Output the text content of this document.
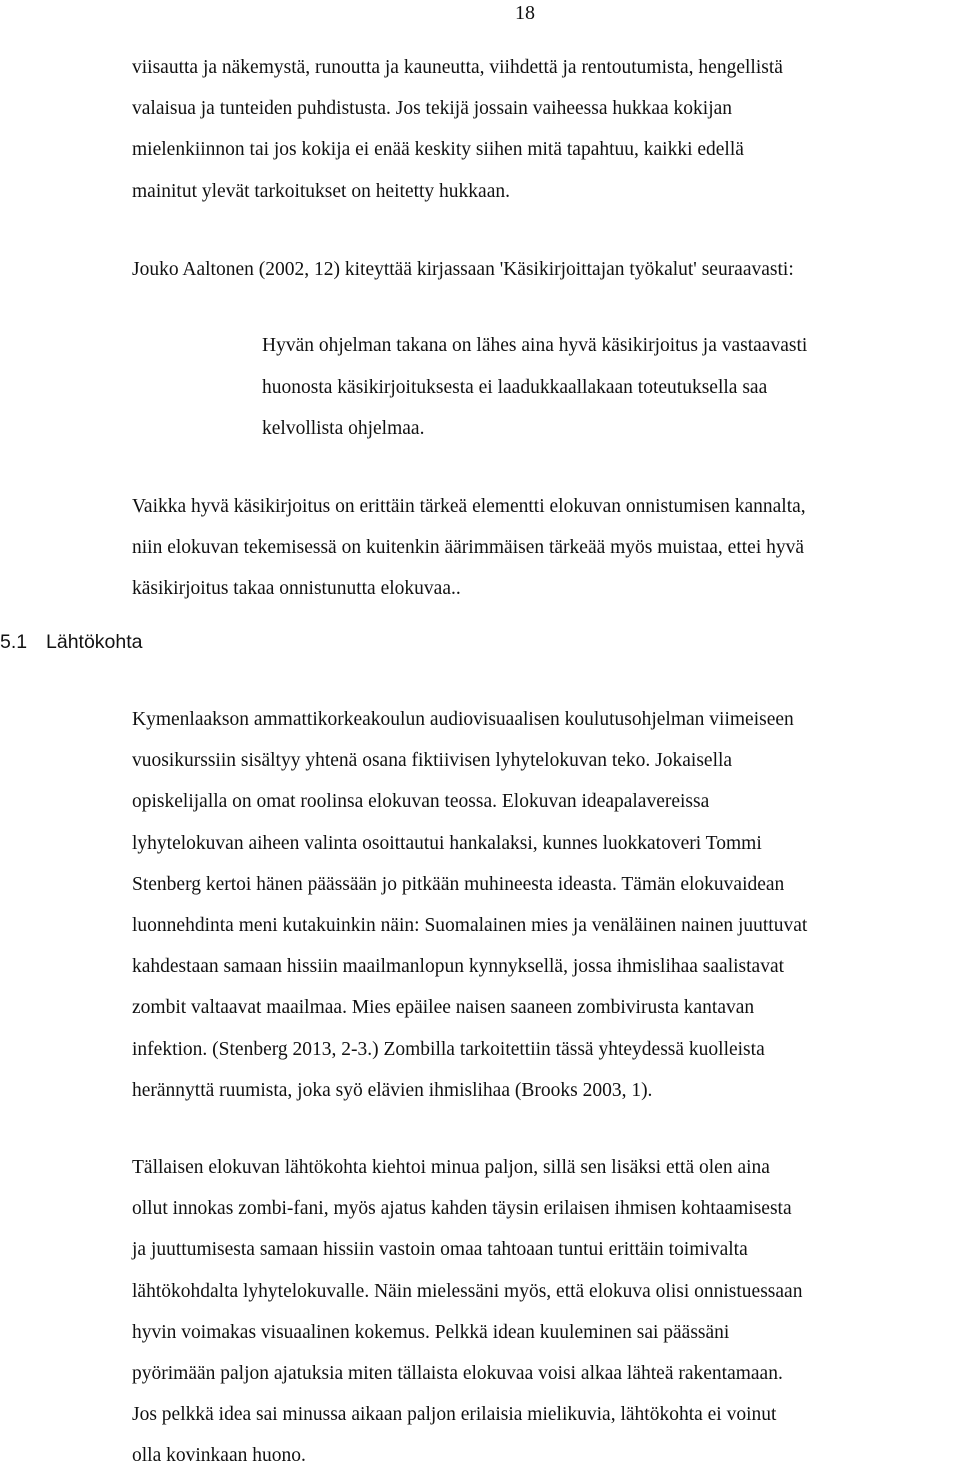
18

viisautta ja näkemystä, runoutta ja kauneutta, viihdettä ja rentoutumista, hengellistä
valaisua ja tunteiden puhdistusta. Jos tekijä jossain vaiheessa hukkaa kokijan
mielenkiinnon tai jos kokija ei enää keskity siihen mitä tapahtuu, kaikki edellä
mainitut ylevät tarkoitukset on heitetty hukkaan.

Jouko Aaltonen (2002, 12) kiteyttää kirjassaan 'Käsikirjoittajan työkalut' seuraavasti:

Hyvän ohjelman takana on lähes aina hyvä käsikirjoitus ja vastaavasti
huonosta käsikirjoituksesta ei laadukkaallakaan toteutuksella saa
kelvollista ohjelmaa.

Vaikka hyvä käsikirjoitus on erittäin tärkeä elementti elokuvan onnistumisen kannalta,
niin elokuvan tekemisessä on kuitenkin äärimmäisen tärkeää myös muistaa, ettei hyvä
käsikirjoitus takaa onnistunutta elokuvaa..

5.1 Lähtökohta

Kymenlaakson ammattikorkeakoulun audiovisuaalisen koulutusohjelman viimeiseen
vuosikurssiin sisältyy yhtenä osana fiktiivisen lyhytelokuvan teko. Jokaisella
opiskelijalla on omat roolinsa elokuvan teossa. Elokuvan ideapalavereissa
lyhytelokuvan aiheen valinta osoittautui hankalaksi, kunnes luokkatoveri Tommi
Stenberg kertoi hänen päässään jo pitkään muhineesta ideasta. Tämän elokuvaidean
luonnehdinta meni kutakuinkin näin: Suomalainen mies ja venäläinen nainen juuttuvat
kahdestaan samaan hissiin maailmanlopun kynnyksellä, jossa ihmislihaa saalistavat
zombit valtaavat maailmaa. Mies epäilee naisen saaneen zombivirusta kantavan
infektion. (Stenberg 2013, 2-3.) Zombilla tarkoitettiin tässä yhteydessä kuolleista
herännyttä ruumista, joka syö elävien ihmislihaa (Brooks 2003, 1).

Tällaisen elokuvan lähtökohta kiehtoi minua paljon, sillä sen lisäksi että olen aina
ollut innokas zombi-fani, myös ajatus kahden täysin erilaisen ihmisen kohtaamisesta
ja juuttumisesta samaan hissiin vastoin omaa tahtoaan tuntui erittäin toimivalta
lähtökohdalta lyhytelokuvalle. Näin mielessäni myös, että elokuva olisi onnistuessaan
hyvin voimakas visuaalinen kokemus. Pelkkä idean kuuleminen sai päässäni
pyörimään paljon ajatuksia miten tällaista elokuvaa voisi alkaa lähteä rakentamaan.
Jos pelkkä idea sai minussa aikaan paljon erilaisia mielikuvia, lähtökohta ei voinut
olla kovinkaan huono.
